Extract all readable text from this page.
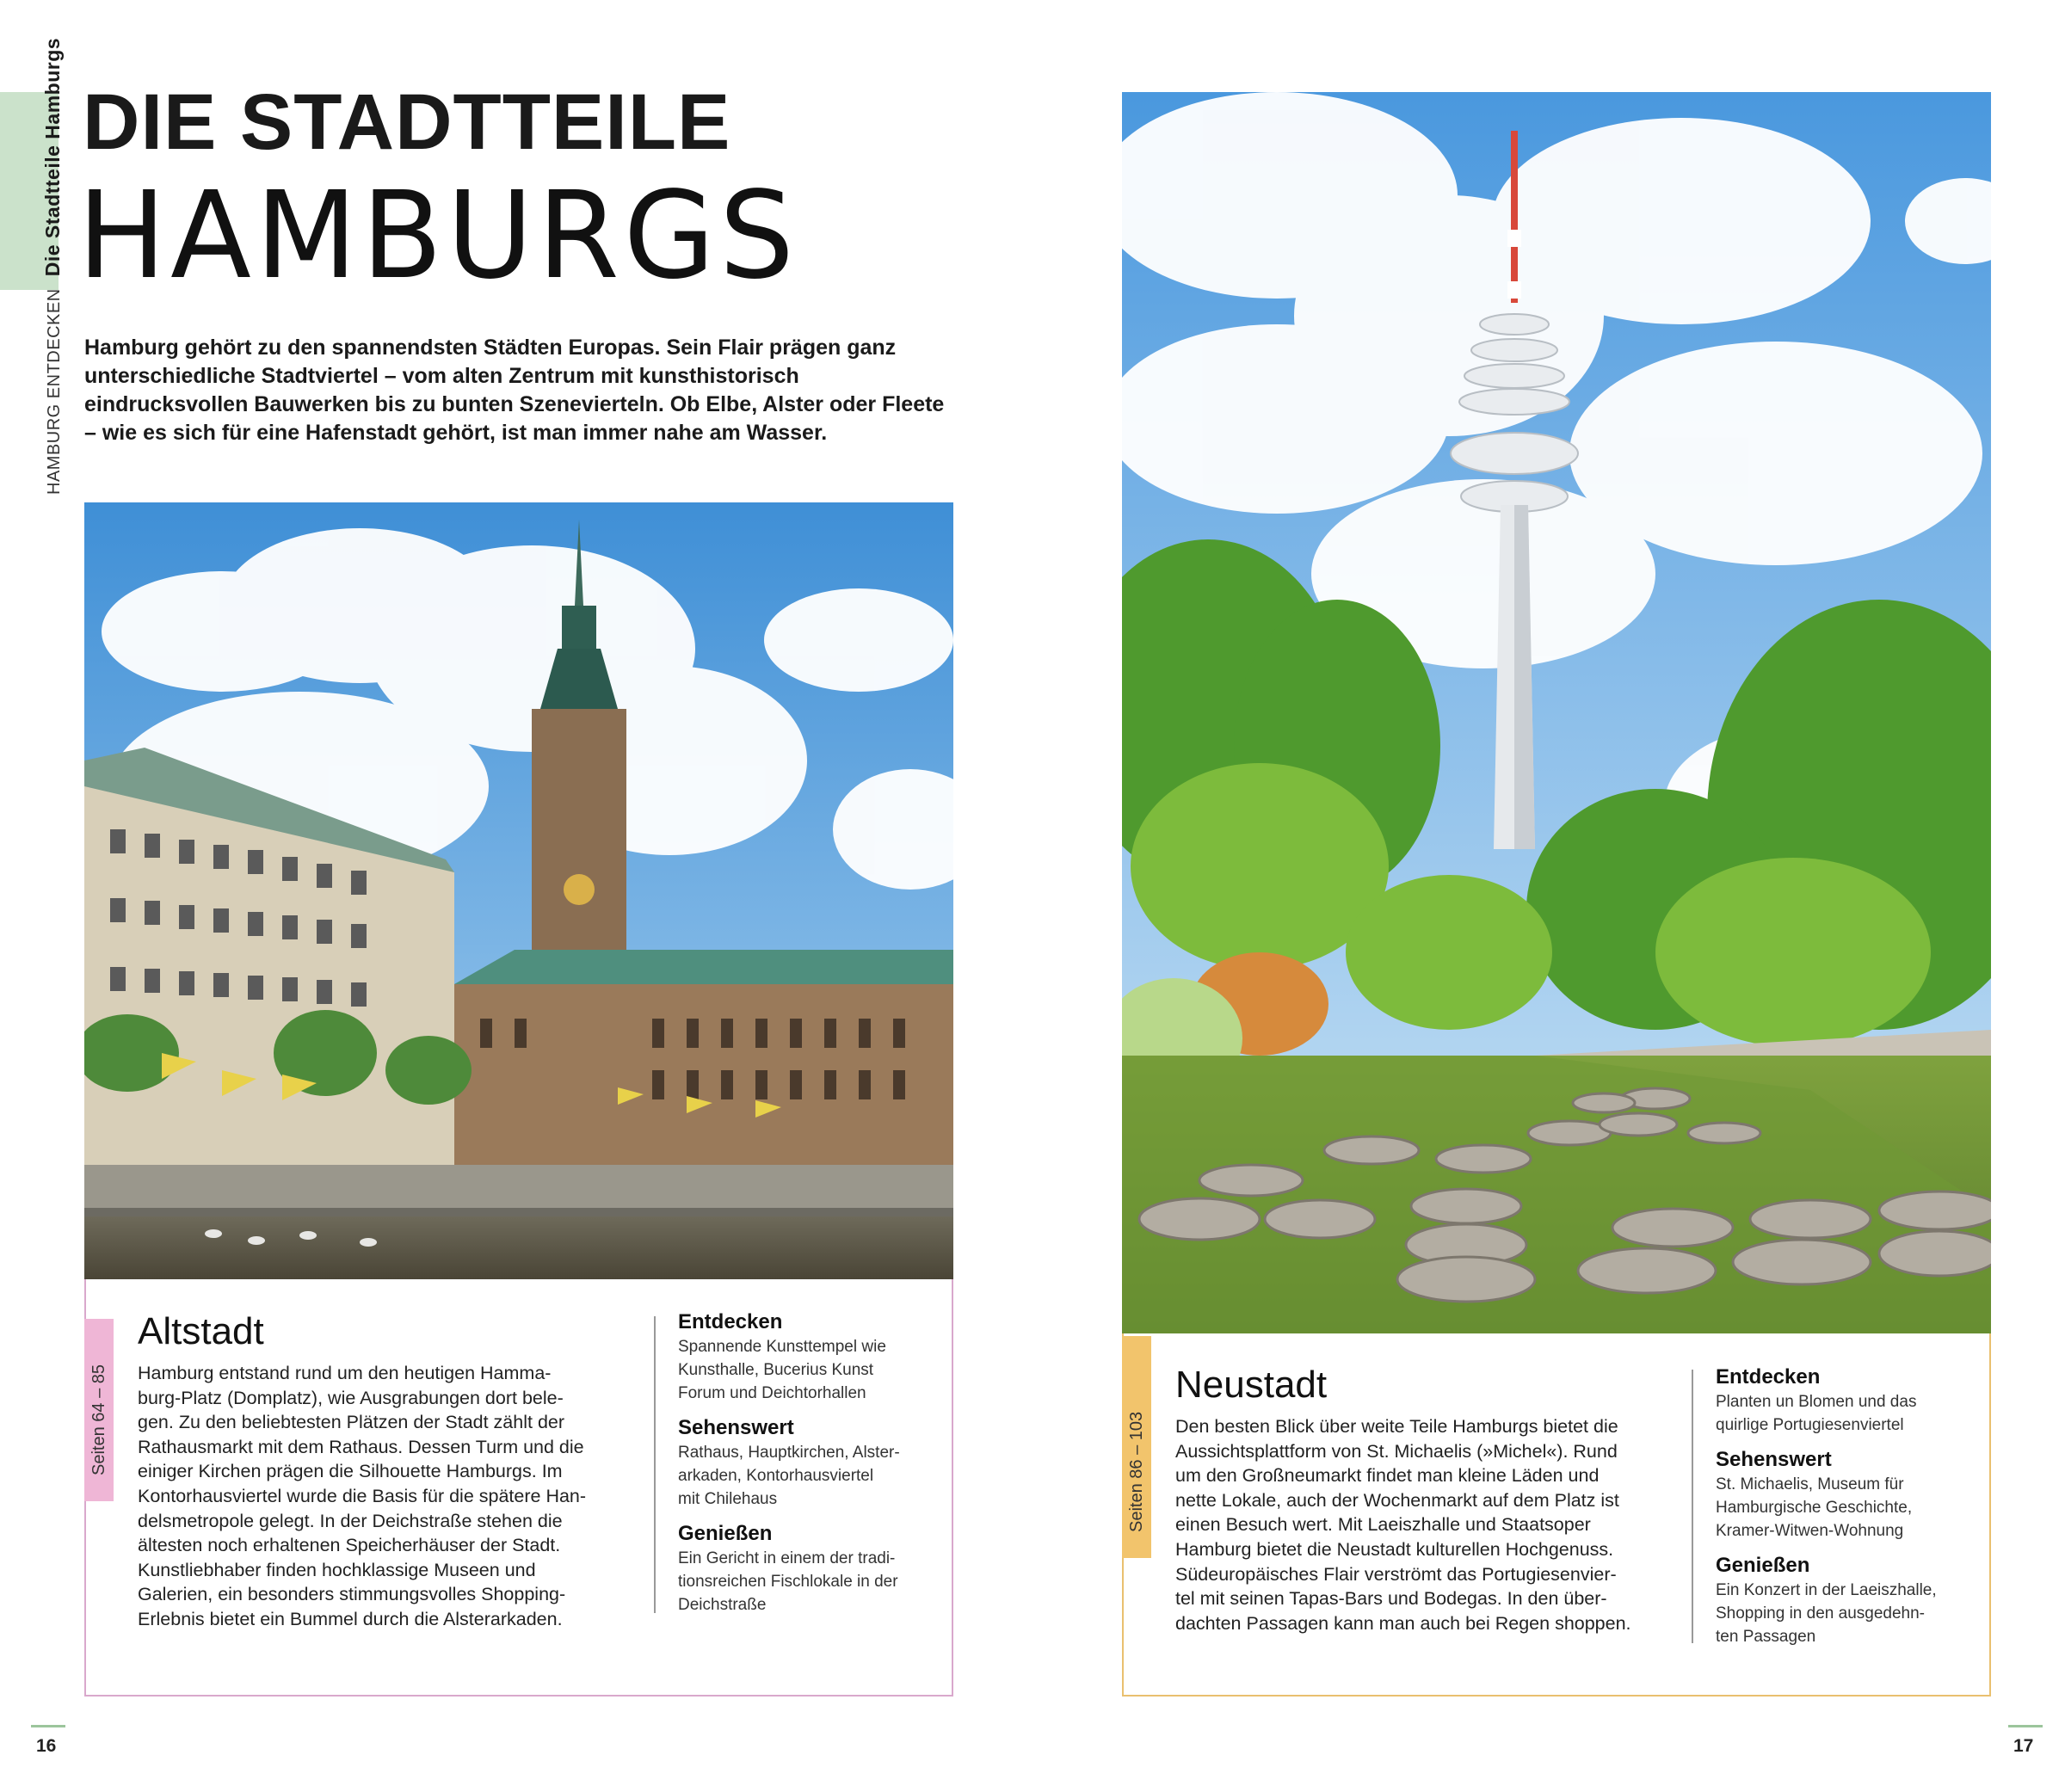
HAMBURG ENTDECKEN Die Stadtteile Hamburgs DIE STADTTEILE
HAMBURGS
Hamburg gehört zu den spannendsten Städten Europas. Sein Flair prägen ganz unterschiedliche Stadtviertel – vom alten Zentrum mit kunsthistorisch eindrucksvollen Bauwerken bis zu bunten Szenevierteln. Ob Elbe, Alster oder Fleete – wie es sich für eine Hafenstadt gehört, ist man immer nahe am Wasser.
Seiten 64 – 85
Altstadt
Hamburg entstand rund um den heutigen Hamma-
burg-Platz (Domplatz), wie Ausgrabungen dort bele-
gen. Zu den beliebtesten Plätzen der Stadt zählt der
Rathausmarkt mit dem Rathaus. Dessen Turm und die
einiger Kirchen prägen die Silhouette Hamburgs. Im
Kontorhausviertel wurde die Basis für die spätere Han-
delsmetropole gelegt. In der Deichstraße stehen die
ältesten noch erhaltenen Speicherhäuser der Stadt.
Kunstliebhaber finden hochklassige Museen und
Galerien, ein besonders stimmungsvolles Shopping-
Erlebnis bietet ein Bummel durch die Alsterarkaden.
Entdecken
Spannende Kunsttempel wie
Kunsthalle, Bucerius Kunst
Forum und Deichtorhallen
Sehenswert
Rathaus, Hauptkirchen, Alster-
arkaden, Kontorhausviertel
mit Chilehaus
Genießen
Ein Gericht in einem der tradi-
tionsreichen Fischlokale in der
Deichstraße
Seiten 86 – 103
Neustadt
Den besten Blick über weite Teile Hamburgs bietet die
Aussichtsplattform von St. Michaelis (»Michel«). Rund
um den Großneumarkt findet man kleine Läden und
nette Lokale, auch der Wochenmarkt auf dem Platz ist
einen Besuch wert. Mit Laeiszhalle und Staatsoper
Hamburg bietet die Neustadt kulturellen Hochgenuss.
Südeuropäisches Flair verströmt das Portugiesenvier-
tel mit seinen Tapas-Bars und Bodegas. In den über-
dachten Passagen kann man auch bei Regen shoppen.
Entdecken
Planten un Blomen und das
quirlige Portugiesenviertel
Sehenswert
St. Michaelis, Museum für
Hamburgische Geschichte,
Kramer-Witwen-Wohnung
Genießen
Ein Konzert in der Laeiszhalle,
Shopping in den ausgedehn-
ten Passagen
16	17
